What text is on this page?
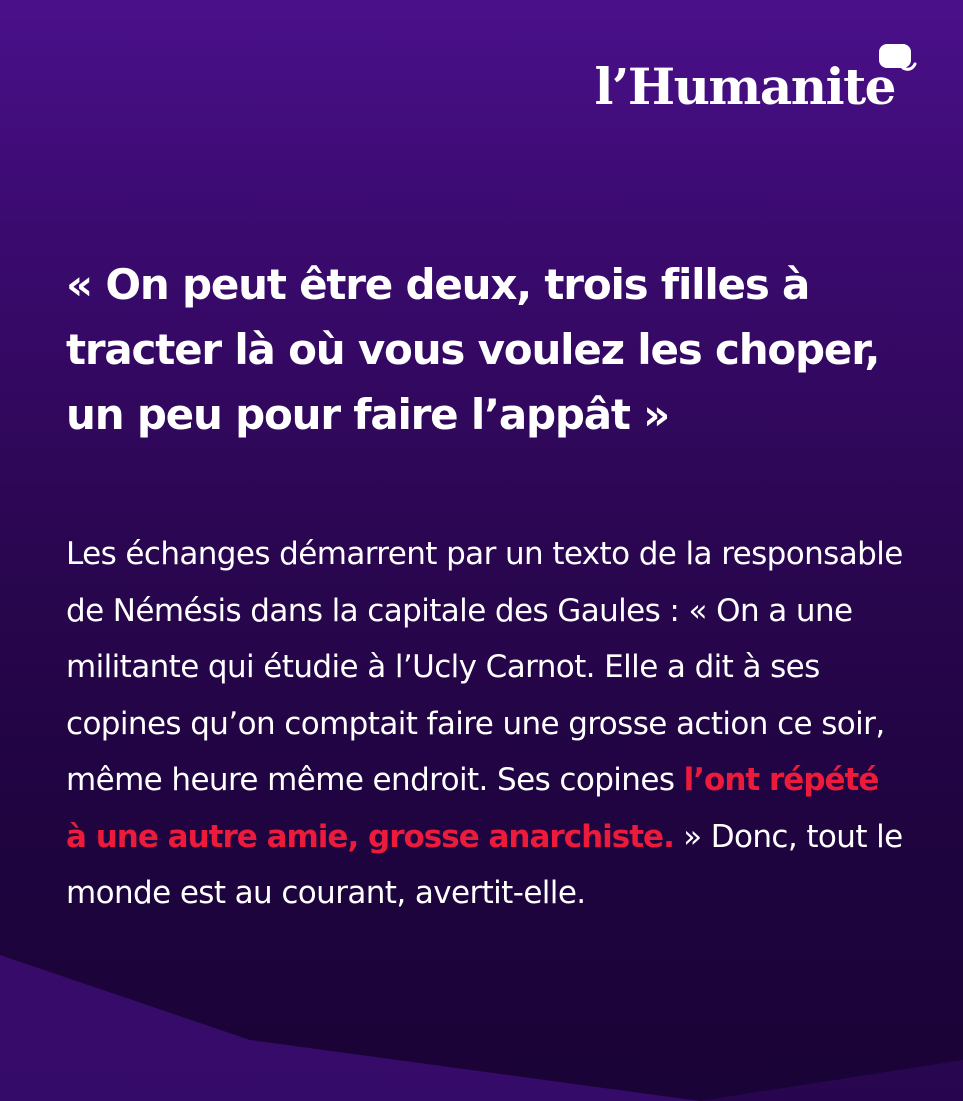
l’Humanite

« On peut être deux, trois filles à tracter là où vous voulez les choper, un peu pour faire l’appât »

Les échanges démarrent par un texto de la responsable de Némésis dans la capitale des Gaules : « On a une militante qui étudie à l’Ucly Carnot. Elle a dit à ses copines qu’on comptait faire une grosse action ce soir, même heure même endroit. Ses copines l’ont répété à une autre amie, grosse anarchiste. » Donc, tout le monde est au courant, avertit-elle.
